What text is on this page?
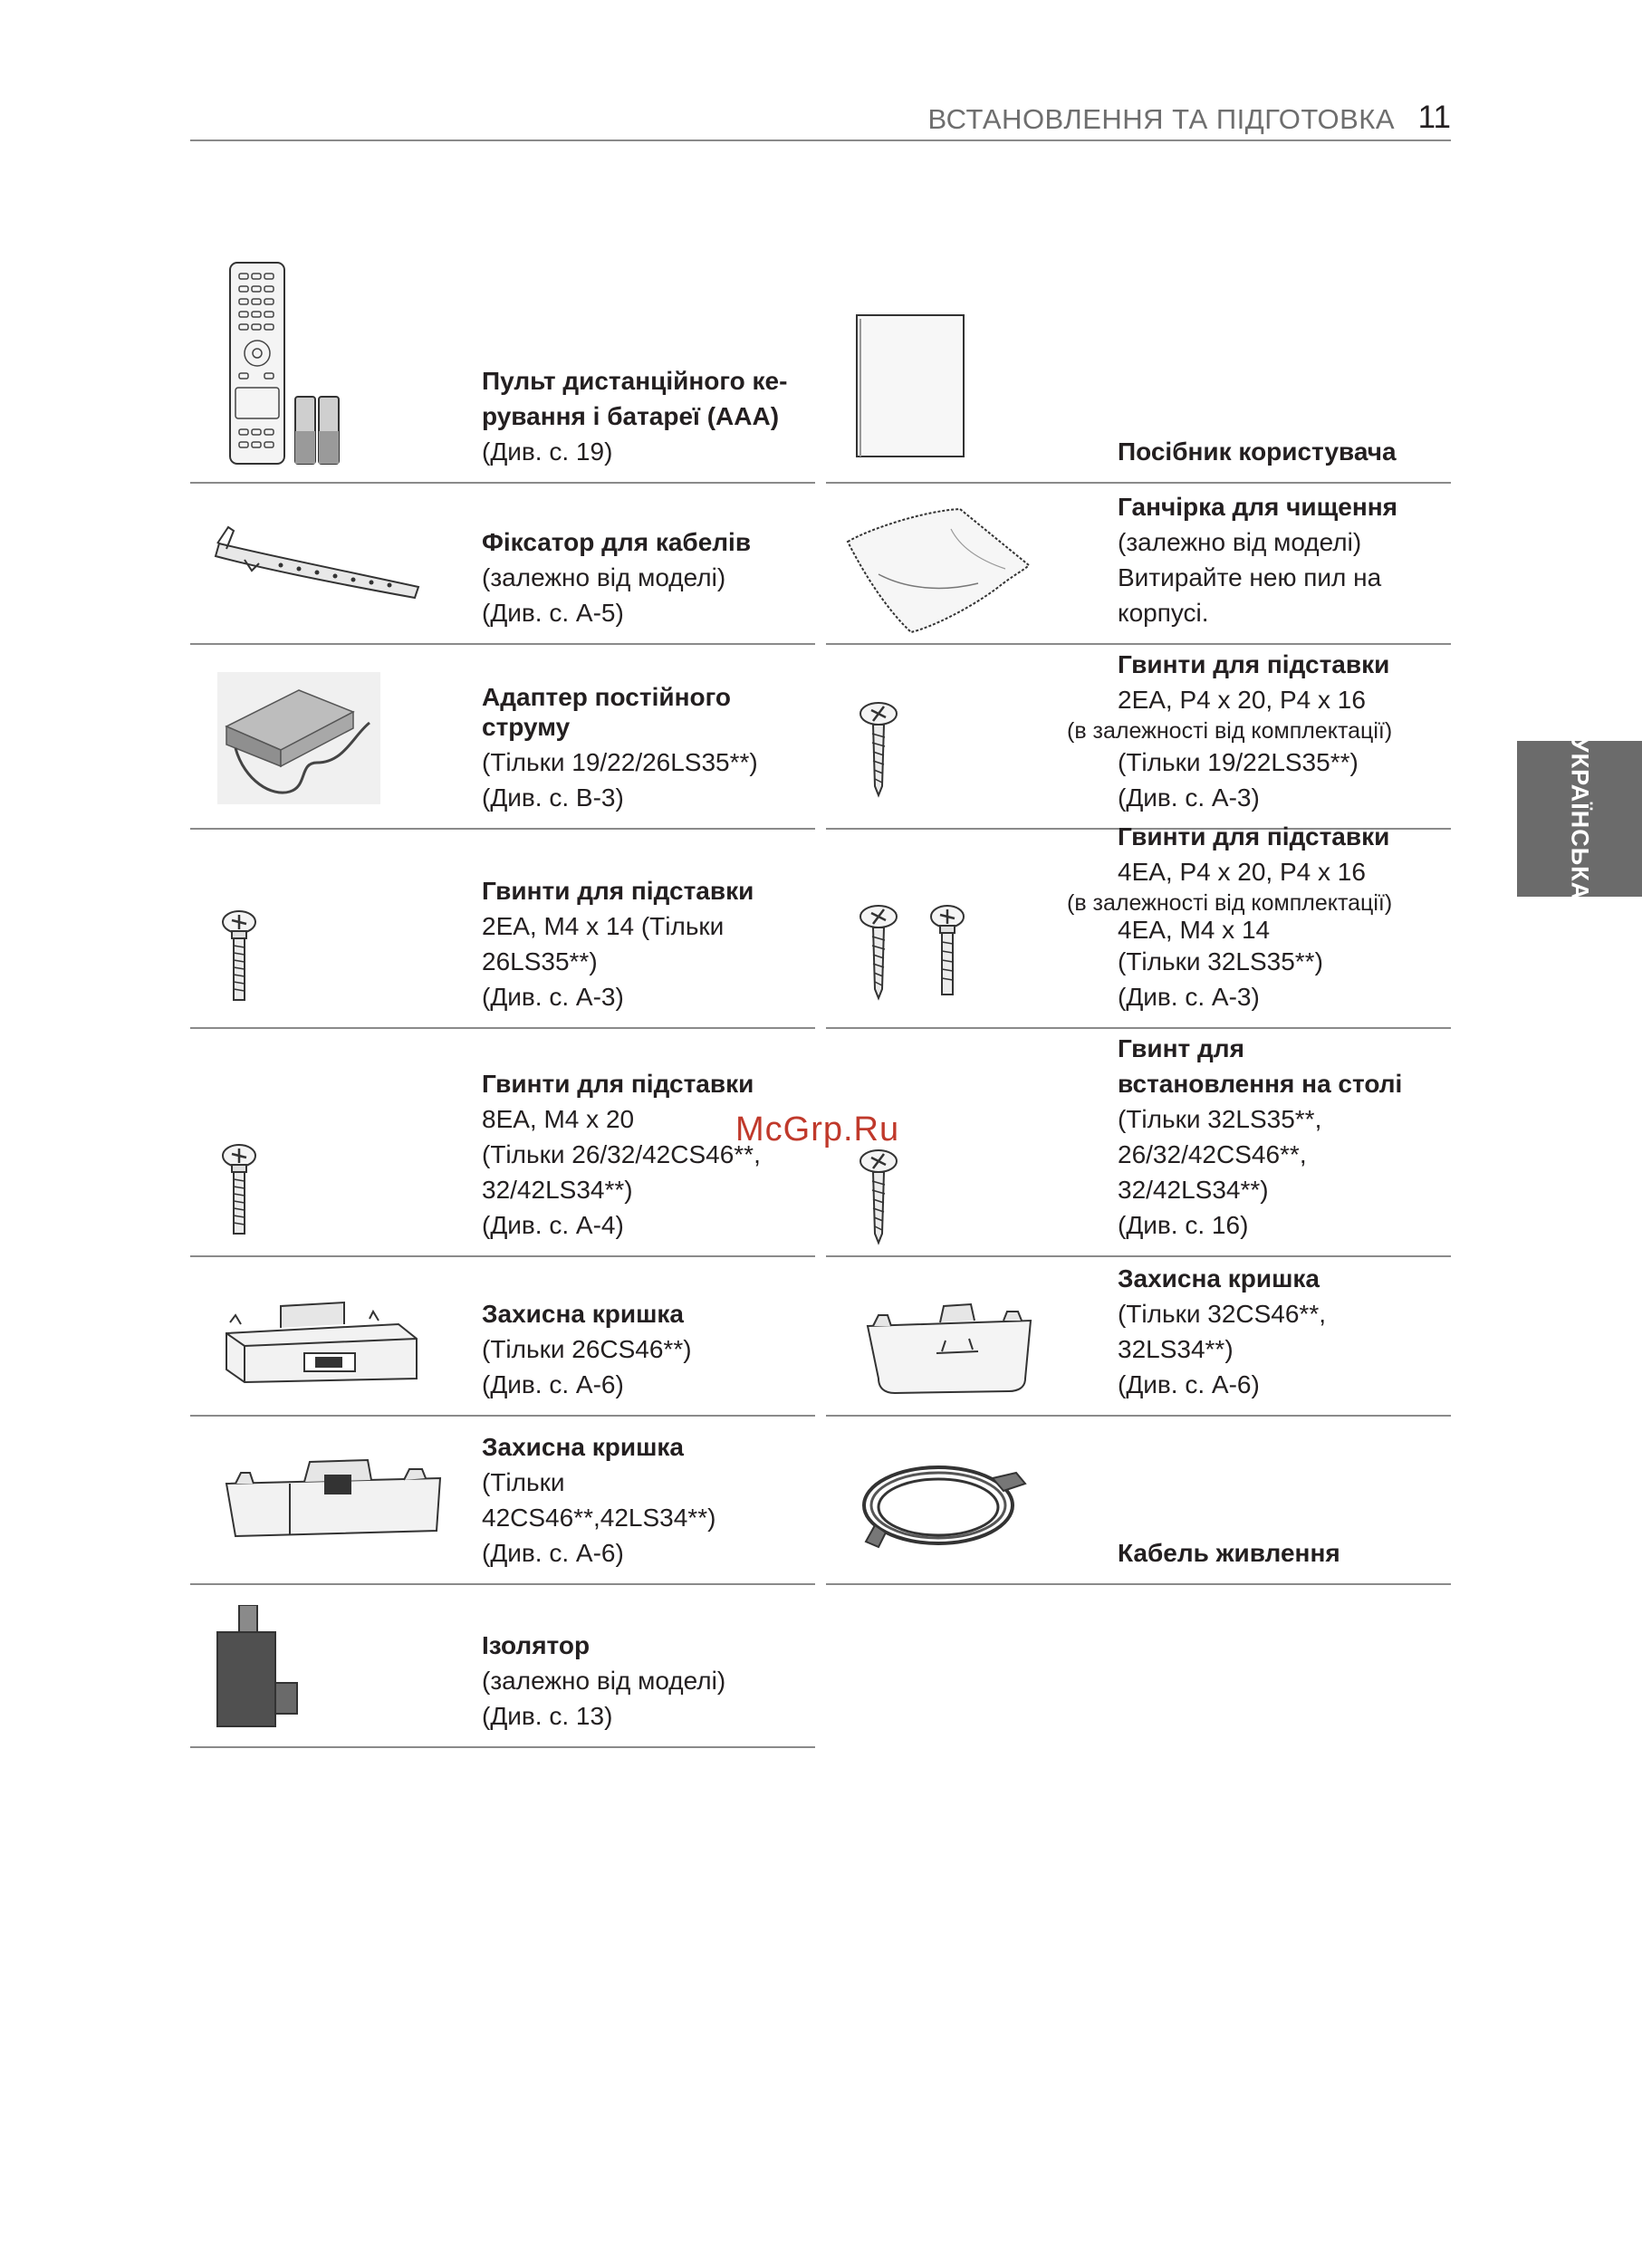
ВСТАНОВЛЕННЯ ТА ПІДГОТОВКА 11
УКРАЇНСЬКА
Пульт дистанційного ке-
рування і батареї (AAA)
(Див. с. 19)
Фіксатор для кабелів
(залежно від моделі)
(Див. с. A-5)
Адаптер постійного
струму
(Тільки 19/22/26LS35**)
(Див. с. B-3)
Гвинти для підставки
2EA, M4 x 14 (Тільки
26LS35**)
(Див. с. A-3)
Гвинти для підставки
8EA, M4 x 20
(Тільки 26/32/42CS46**,
32/42LS34**)
(Див. с. A-4)
Захисна кришка
(Тільки 26CS46**)
(Див. с. A-6)
Захисна кришка
(Тільки
42CS46**,42LS34**)
(Див. с. A-6)
Ізолятор
(залежно від моделі)
(Див. с. 13)
Посібник користувача
Ганчірка для чищення
(залежно від моделі)
Витирайте нею пил на
корпусі.
Гвинти для підставки
2EA, P4 x 20, P4 x 16
(в залежності від комплектації)
(Тільки 19/22LS35**)
(Див. с. A-3)
Гвинти для підставки
4EA, P4 x 20, P4 x 16
(в залежності від комплектації)
4EA, M4 x 14
(Тільки 32LS35**)
(Див. с. A-3)
Гвинт для
встановлення на столі
(Тільки 32LS35**,
26/32/42CS46**,
32/42LS34**)
(Див. с. 16)
Захисна кришка
(Тільки 32CS46**,
32LS34**)
(Див. с. A-6)
Кабель живлення
McGrp.Ru
